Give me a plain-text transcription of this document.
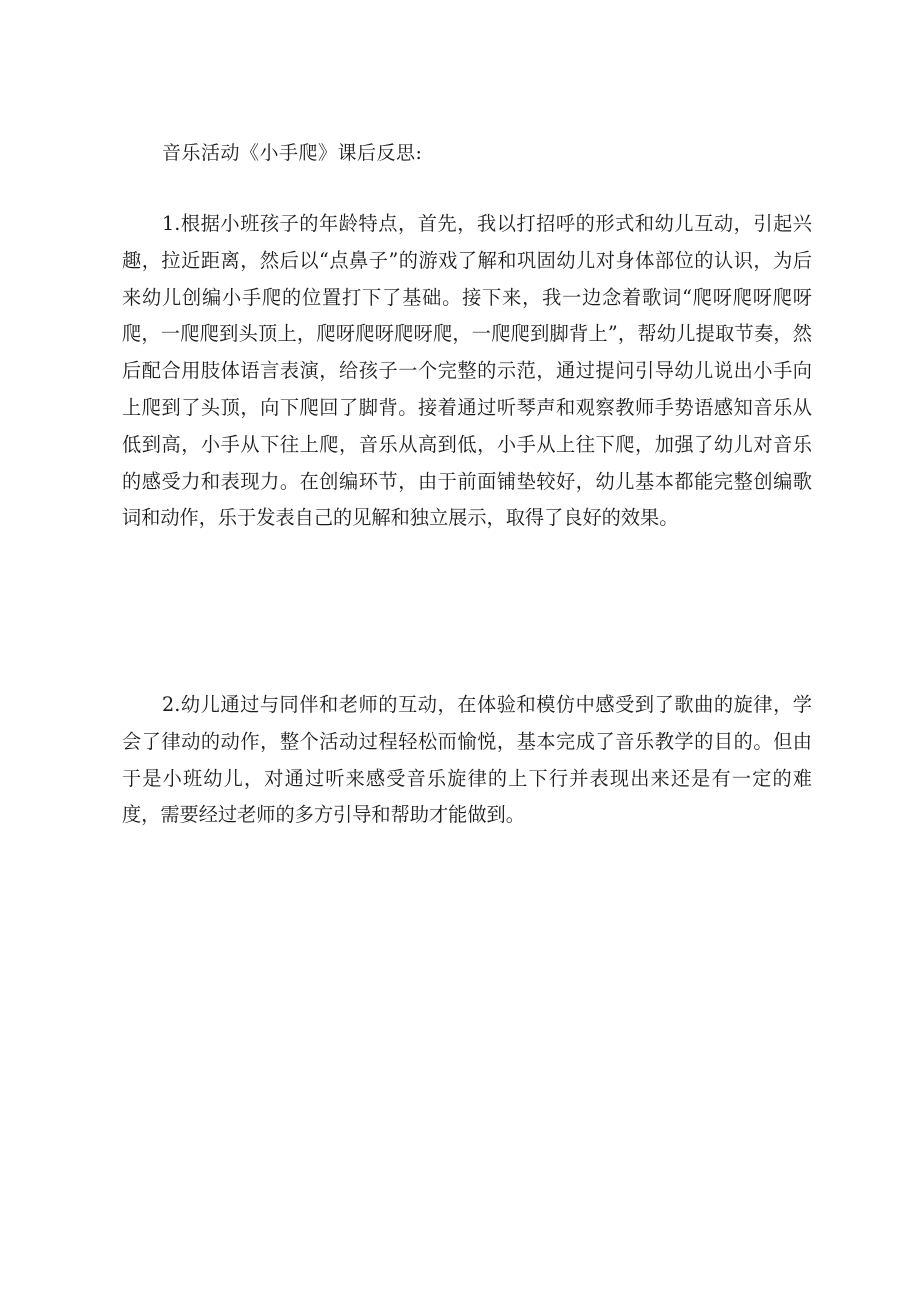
音乐活动《小手爬》课后反思:

1.根据小班孩子的年龄特点，首先，我以打招呼的形式和幼儿互动，引起兴趣，拉近距离，然后以“点鼻子”的游戏了解和巩固幼儿对身体部位的认识，为后来幼儿创编小手爬的位置打下了基础。接下来，我一边念着歌词“爬呀爬呀爬呀爬，一爬爬到头顶上，爬呀爬呀爬呀爬，一爬爬到脚背上”，帮幼儿提取节奏，然后配合用肢体语言表演，给孩子一个完整的示范，通过提问引导幼儿说出小手向上爬到了头顶，向下爬回了脚背。接着通过听琴声和观察教师手势语感知音乐从低到高，小手从下往上爬，音乐从高到低，小手从上往下爬，加强了幼儿对音乐的感受力和表现力。在创编环节，由于前面铺垫较好，幼儿基本都能完整创编歌词和动作，乐于发表自己的见解和独立展示，取得了良好的效果。

2.幼儿通过与同伴和老师的互动，在体验和模仿中感受到了歌曲的旋律，学会了律动的动作，整个活动过程轻松而愉悦，基本完成了音乐教学的目的。但由于是小班幼儿，对通过听来感受音乐旋律的上下行并表现出来还是有一定的难度，需要经过老师的多方引导和帮助才能做到。
